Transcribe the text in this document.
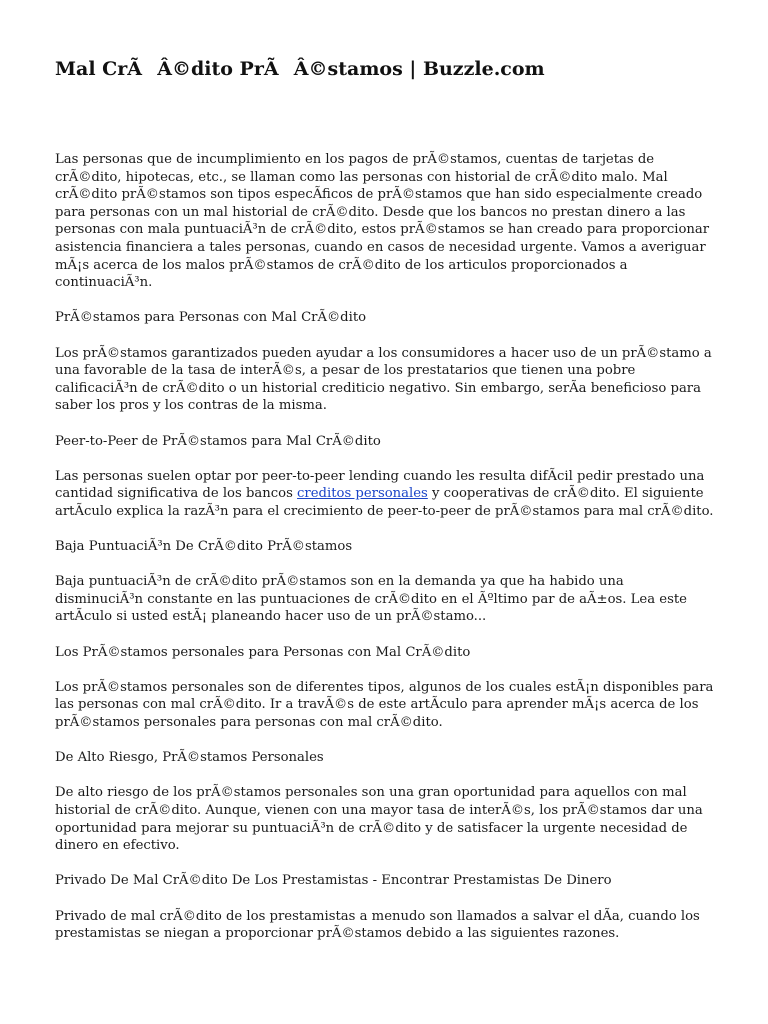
Mal CrÃÂ©dito PrÃÂ©stamos | Buzzle.com

Las personas que de incumplimiento en los pagos de prÃ©stamos, cuentas de tarjetas de crÃ©dito, hipotecas, etc., se llaman como las personas con historial de crÃ©dito malo. Mal crÃ©dito prÃ©stamos son tipos especÃficos de prÃ©stamos que han sido especialmente creado para personas con un mal historial de crÃ©dito. Desde que los bancos no prestan dinero a las personas con mala puntuaciÃ³n de crÃ©dito, estos prÃ©stamos se han creado para proporcionar asistencia financiera a tales personas, cuando en casos de necesidad urgente. Vamos a averiguar mÃ¡s acerca de los malos prÃ©stamos de crÃ©dito de los articulos proporcionados a continuaciÃ³n.

PrÃ©stamos para Personas con Mal CrÃ©dito

Los prÃ©stamos garantizados pueden ayudar a los consumidores a hacer uso de un prÃ©stamo a una favorable de la tasa de interÃ©s, a pesar de los prestatarios que tienen una pobre calificaciÃ³n de crÃ©dito o un historial crediticio negativo. Sin embargo, serÃa beneficioso para saber los pros y los contras de la misma.

Peer-to-Peer de PrÃ©stamos para Mal CrÃ©dito

Las personas suelen optar por peer-to-peer lending cuando les resulta difÃcil pedir prestado una cantidad significativa de los bancos creditos personales y cooperativas de crÃ©dito. El siguiente artÃculo explica la razÃ³n para el crecimiento de peer-to-peer de prÃ©stamos para mal crÃ©dito.

Baja PuntuaciÃ³n De CrÃ©dito PrÃ©stamos

Baja puntuaciÃ³n de crÃ©dito prÃ©stamos son en la demanda ya que ha habido una disminuciÃ³n constante en las puntuaciones de crÃ©dito en el Ãºltimo par de aÃ±os. Lea este artÃculo si usted estÃ¡ planeando hacer uso de un prÃ©stamo...

Los PrÃ©stamos personales para Personas con Mal CrÃ©dito

Los prÃ©stamos personales son de diferentes tipos, algunos de los cuales estÃ¡n disponibles para las personas con mal crÃ©dito. Ir a travÃ©s de este artÃculo para aprender mÃ¡s acerca de los prÃ©stamos personales para personas con mal crÃ©dito.

De Alto Riesgo, PrÃ©stamos Personales

De alto riesgo de los prÃ©stamos personales son una gran oportunidad para aquellos con mal historial de crÃ©dito. Aunque, vienen con una mayor tasa de interÃ©s, los prÃ©stamos dar una oportunidad para mejorar su puntuaciÃ³n de crÃ©dito y de satisfacer la urgente necesidad de dinero en efectivo.

Privado De Mal CrÃ©dito De Los Prestamistas - Encontrar Prestamistas De Dinero

Privado de mal crÃ©dito de los prestamistas a menudo son llamados a salvar el dÃa, cuando los prestamistas se niegan a proporcionar prÃ©stamos debido a las siguientes razones.
